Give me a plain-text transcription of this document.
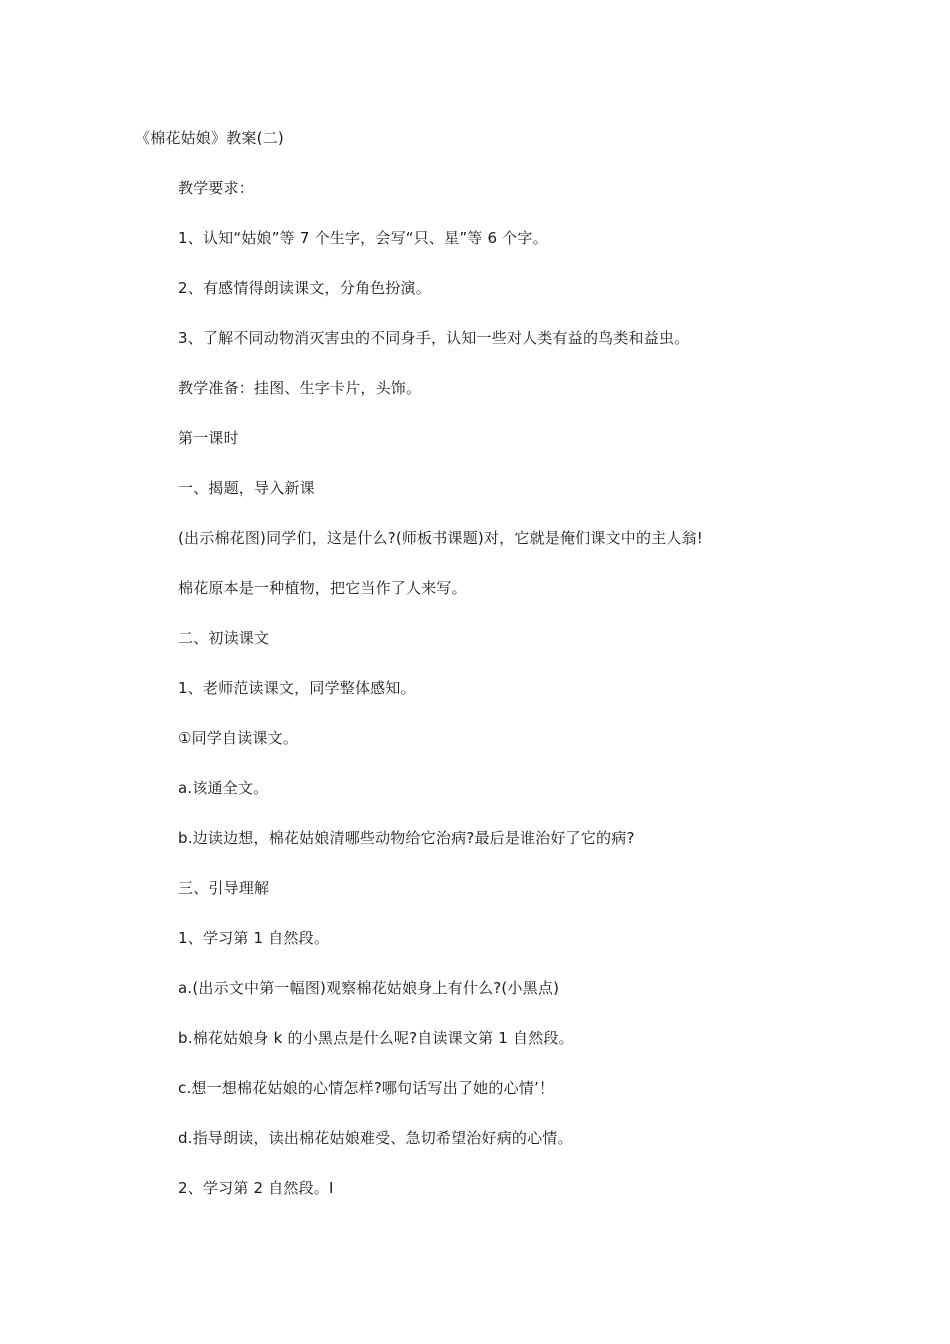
《棉花姑娘》教案(二)
教学要求：
1、认知“姑娘”等 7 个生字，会写“只、星”等 6 个字。
2、有感情得朗读课文，分角色扮演。
3、了解不同动物消灭害虫的不同身手，认知一些对人类有益的鸟类和益虫。
教学准备：挂图、生字卡片，头饰。
第一课时
一、揭题，导入新课
(出示棉花图)同学们，这是什么?(师板书课题)对，它就是俺们课文中的主人翁!
棉花原本是一种植物，把它当作了人来写。
二、初读课文
1、老师范读课文，同学整体感知。
①同学自读课文。
a.该通全文。
b.边读边想，棉花姑娘清哪些动物给它治病?最后是谁治好了它的病?
三、引导理解
1、学习第 1 自然段。
a.(出示文中第一幅图)观察棉花姑娘身上有什么?(小黑点)
b.棉花姑娘身 k 的小黑点是什么呢?自读课文第 1 自然段。
c.想一想棉花姑娘的心情怎样?哪句话写出了她的心情’！
d.指导朗读，读出棉花姑娘难受、急切希望治好病的心情。
2、学习第 2 自然段。I
